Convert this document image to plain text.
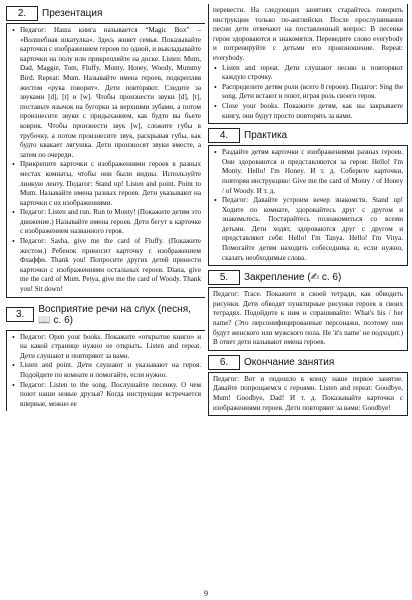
2.	Презентация
• Педагог: Наша книга называется “Magic Box” – «Волшебная шкатулка». Здесь живет семья. Показывайте карточки с изображением героев по одной, и выкладывайте карточки на полу или прикрепляйте на доске. Listen: Mum, Dad, Maggie, Tom, Fluffy, Monty, Honey, Woody, Mummy Bird. Repeat: Mum. Называйте имена героев, подкрепляя жестом «рука говорит». Дети повторяют. Следите за звуками [d], [t] и [w]. Чтобы произнести звуки [d], [t], поставьте язычок на бугорки за верхними зубами, а потом произнесите звуки с придыханием, как будто вы бьете коврик. Чтобы произнести звук [w], сложите губы в трубочку, а потом произнесите звук, раскрывая губы, как будто квакает лягушка. Дети произносят звуки вместе, а затем по очереди.
• Прикрепите карточки с изображениями героев в разных местах комнаты, чтобы они были видны. Используйте линкую ленту. Педагог: Stand up! Listen and point. Point to Mum. Называйте имена разных героев. Дети указывают на карточки с их изображениями.
• Педагог: Listen and run. Run to Monty! (Покажите детям это движение.) Называйте имена героев. Дети бегут к карточке с изображением названного героя.
• Педагог: Sasha, give me the card of Fluffy. (Покажите жестом.) Ребенок приносит карточку с изображением Флаффи. Thank you! Попросите других детей принести карточки с изображениями остальных героев. Diana, give me the card of Mum. Petya, give me the card of Woody. Thank you! Sit down!
3.	Восприятие речи на слух (песня, 📖 с. 6)
• Педагог: Open your books. Покажите «открытие книги» и на какой странице нужно ее открыть. Listen and repeat. Дети слушают и повторяют за вами.
• Listen and point. Дети слушают и указывают на героя. Подойдите по комнате и помогайте, если нужно.
• Педагог: Listen to the song. Послушайте песенку. О чем поют наши новые друзья? Когда инструкция встречается впервые, можно ее

перевести. На следующих занятиях старайтесь говорить инструкции только по-английски. После прослушивания песни дети отвечают на поставленный вопрос: В песенке герои здороваются и знакомятся. Переведите слово everybody и потренируйте с детьми его произношение. Repeat: everybody.

• Listen and repeat. Дети слушают песню и повторяют каждую строчку.
• Распределите детям роли (всего 8 героев). Педагог: Sing the song. Дети встают и поют, играя роль своего героя.
• Close your books. Покажите детям, как вы закрываете книгу, они будут просто повторять за вами.
4.	Практика
• Раздайте детям карточки с изображениями разных героев. Они здороваются и представляются за героя: Hello! I'm Monty. Hello! I'm Honey. И т. д. Соберите карточки, повторяя инструкцию: Give me the card of Monty / of Honey / of Woody. И т. д.
• Педагог: Давайте устроим вечер знакомств. Stand up! Ходите по комнате, здоровайтесь друг с другом и знакомьтесь. Постарайтесь познакомиться со всеми детьми. Дети ходят, здороваются друг с другом и представляют себя: Hello! I'm Tanya. Hello! I'm Vitya. Помогайте детям находить собеседника и, если нужно, сказать необходимые слова.
5.	Закрепление (✍ с. 6)

Педагог: Trace. Покажите в своей тетради, как обводить рисунки. Дети обводят пунктирные рисунки героев в своих тетрадях. Подойдите к ним и спрашивайте: What's his / her name? (Это персонифицированные персонажи, поэтому они будут женского или мужского пола. Не 'it's name' не подходит.) В ответ дети называют имена героев.

6.	Окончание занятия

Педагог: Вот и подошло к концу наше первое занятие. Давайте попрощаемся с героями. Listen and repeat: Goodbye, Mum! Goodbye, Dad! И т. д. Показывайте карточки с изображениями героев. Дети повторяют за вами: Goodbye!

9
